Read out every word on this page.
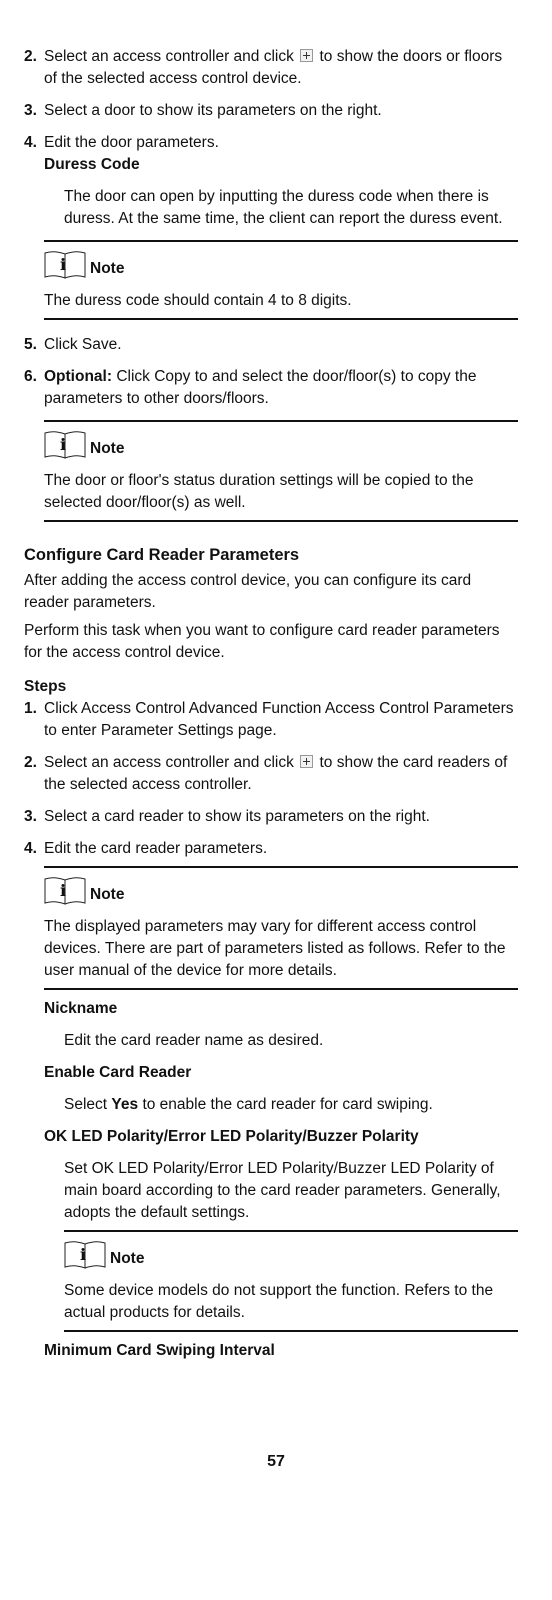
2. Select an access controller and click to show the doors or floors of the selected access control device.
3. Select a door to show its parameters on the right.
4. Edit the door parameters.
Duress Code
The door can open by inputting the duress code when there is duress. At the same time, the client can report the duress event.
i Note
The duress code should contain 4 to 8 digits.
5. Click Save.
6. Optional: Click Copy to and select the door/floor(s) to copy the parameters to other doors/floors.
i Note
The door or floor's status duration settings will be copied to the selected door/floor(s) as well.
Configure Card Reader Parameters
After adding the access control device, you can configure its card reader parameters.
Perform this task when you want to configure card reader parameters for the access control device.
Steps
1. Click Access Control Advanced Function Access Control Parameters to enter Parameter Settings page.
2. Select an access controller and click to show the card readers of the selected access controller.
3. Select a card reader to show its parameters on the right.
4. Edit the card reader parameters.
i Note
The displayed parameters may vary for different access control devices. There are part of parameters listed as follows. Refer to the user manual of the device for more details.
Nickname
Edit the card reader name as desired.
Enable Card Reader
Select Yes to enable the card reader for card swiping.
OK LED Polarity/Error LED Polarity/Buzzer Polarity
Set OK LED Polarity/Error LED Polarity/Buzzer LED Polarity of main board according to the card reader parameters. Generally, adopts the default settings.
i Note
Some device models do not support the function. Refers to the actual products for details.
Minimum Card Swiping Interval
57
